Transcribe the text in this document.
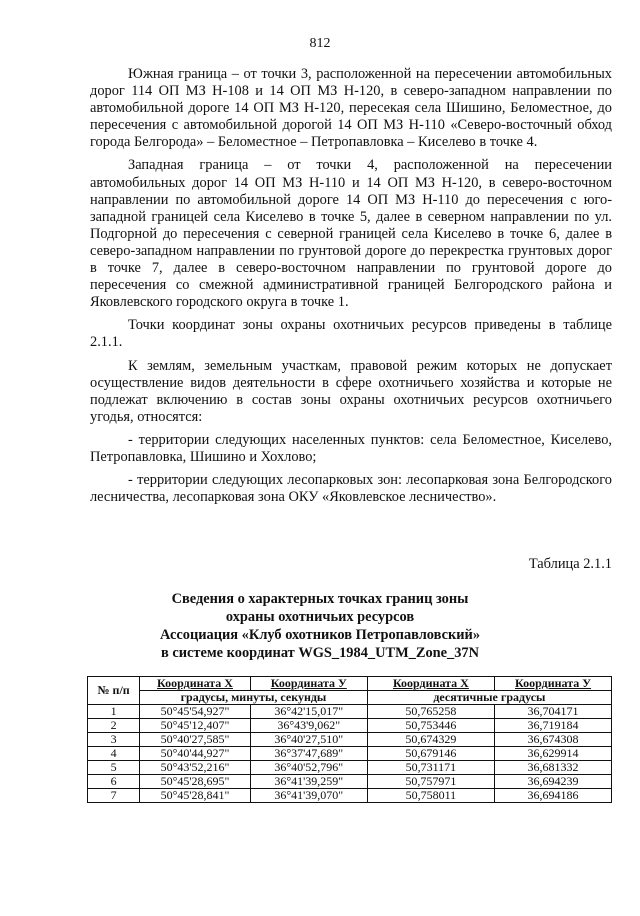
812

Южная граница – от точки 3, расположенной на пересечении автомобильных дорог 114 ОП МЗ Н-108 и 14 ОП МЗ Н-120, в северо-западном направлении по автомобильной дороге 14 ОП МЗ Н-120, пересекая села Шишино, Беломестное, до пересечения с автомобильной дорогой 14 ОП МЗ Н-110 «Северо-восточный обход города Белгорода» – Беломестное – Петропавловка – Киселево в точке 4.

Западная граница – от точки 4, расположенной на пересечении автомобильных дорог 14 ОП МЗ Н-110 и 14 ОП МЗ Н-120, в северо-восточном направлении по автомобильной дороге 14 ОП МЗ Н-110 до пересечения с юго-западной границей села Киселево в точке 5, далее в северном направлении по ул. Подгорной до пересечения с северной границей села Киселево в точке 6, далее в северо-западном направлении по грунтовой дороге до перекрестка грунтовых дорог в точке 7, далее в северо-восточном направлении по грунтовой дороге до пересечения со смежной административной границей Белгородского района и Яковлевского городского округа в точке 1.

Точки координат зоны охраны охотничьих ресурсов приведены в таблице 2.1.1.

К землям, земельным участкам, правовой режим которых не допускает осуществление видов деятельности в сфере охотничьего хозяйства и которые не подлежат включению в состав зоны охраны охотничьих ресурсов охотничьего угодья, относятся:

- территории следующих населенных пунктов: села Беломестное, Киселево, Петропавловка, Шишино и Хохлово;

- территории следующих лесопарковых зон: лесопарковая зона Белгородского лесничества, лесопарковая зона ОКУ «Яковлевское лесничество».

Таблица 2.1.1
Сведения о характерных точках границ зоны
охраны охотничьих ресурсов
Ассоциация «Клуб охотников Петропавловский»
в системе координат WGS_1984_UTM_Zone_37N
№ п/п	Координата X	Координата У	Координата X	Координата У
	градусы, минуты, секунды		десятичные градусы	
1	50°45'54,927"	36°42'15,017"	50,765258	36,704171
2	50°45'12,407"	36°43'9,062"	50,753446	36,719184
3	50°40'27,585"	36°40'27,510"	50,674329	36,674308
4	50°40'44,927"	36°37'47,689"	50,679146	36,629914
5	50°43'52,216"	36°40'52,796"	50,731171	36,681332
6	50°45'28,695"	36°41'39,259"	50,757971	36,694239
7	50°45'28,841"	36°41'39,070"	50,758011	36,694186
